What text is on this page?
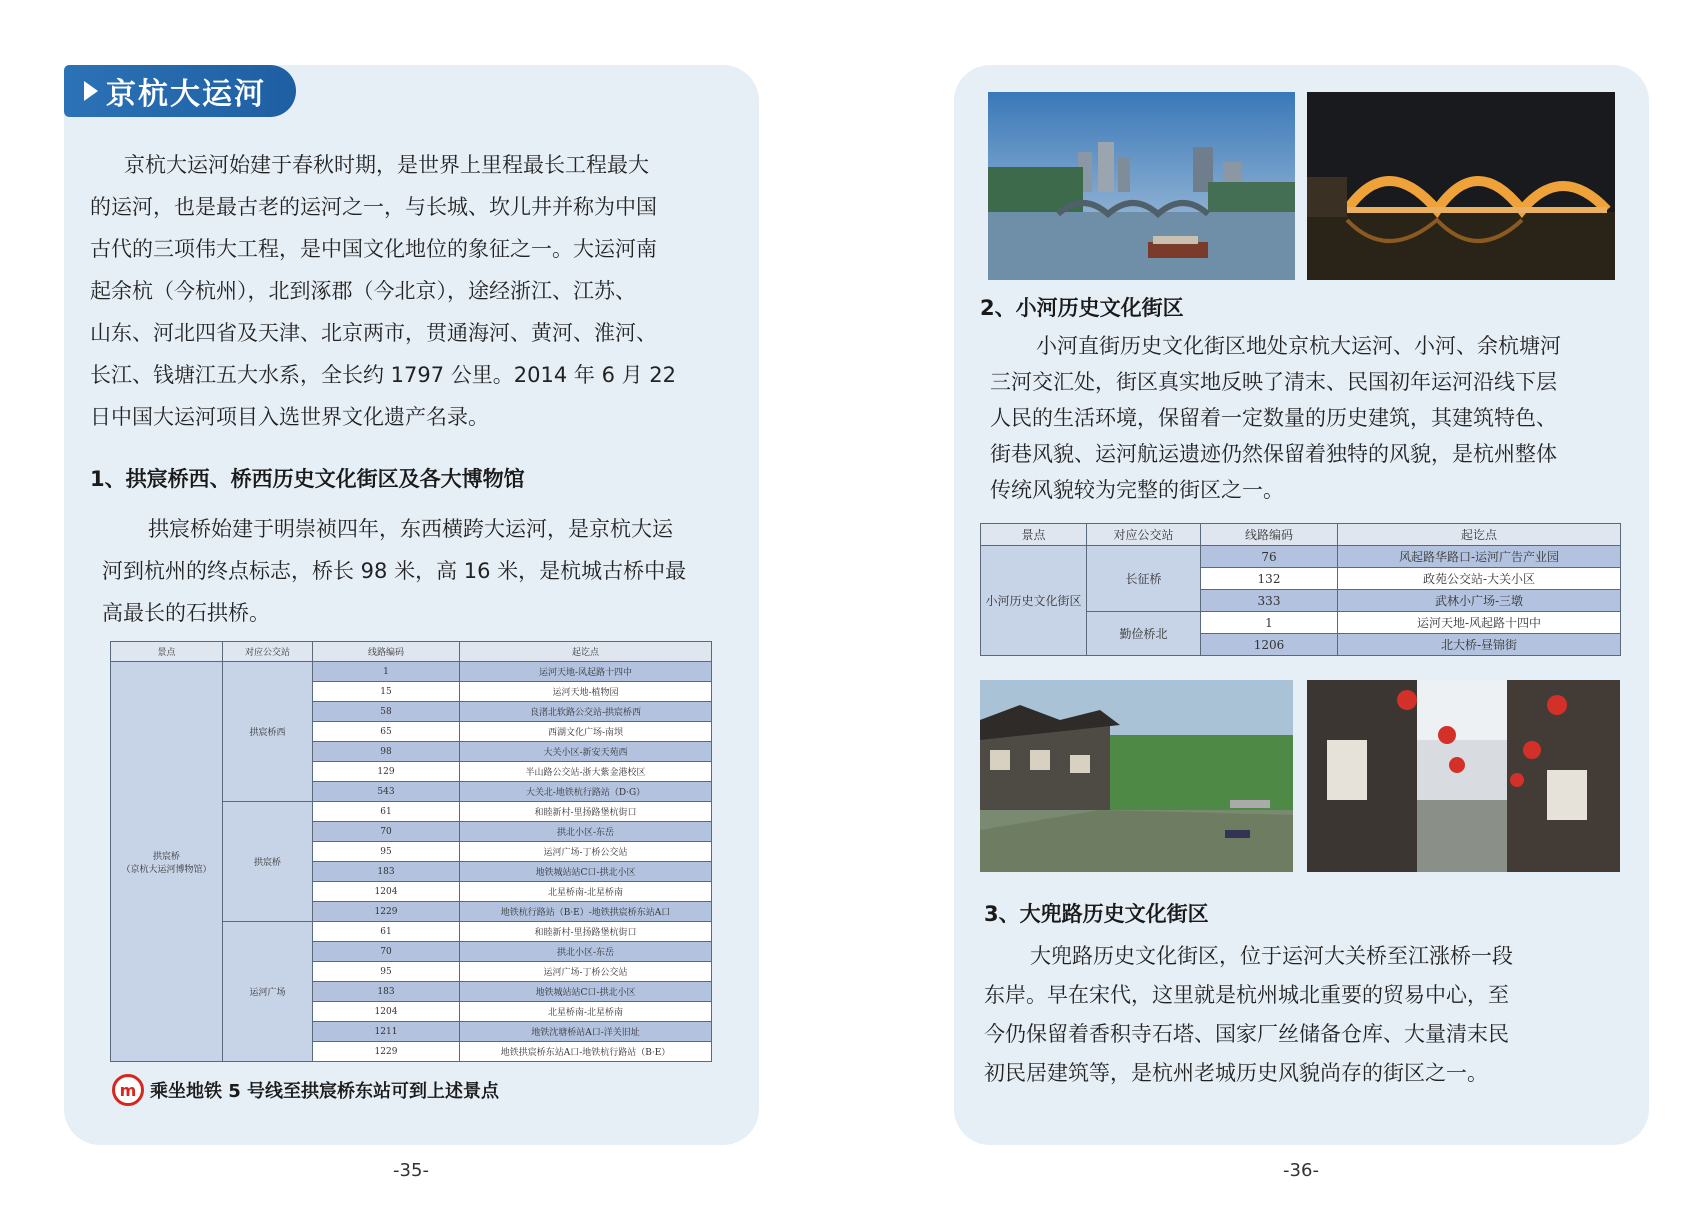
京杭大运河

京杭大运河始建于春秋时期，是世界上里程最长工程最大

的运河，也是最古老的运河之一，与长城、坎儿井并称为中国

古代的三项伟大工程，是中国文化地位的象征之一。大运河南

起余杭（今杭州），北到涿郡（今北京），途经浙江、江苏、

山东、河北四省及天津、北京两市，贯通海河、黄河、淮河、

长江、钱塘江五大水系，全长约 1797 公里。2014 年 6 月 22

日中国大运河项目入选世界文化遗产名录。

1、拱宸桥西、桥西历史文化街区及各大博物馆

拱宸桥始建于明崇祯四年，东西横跨大运河，是京杭大运

河到杭州的终点标志，桥长 98 米，高 16 米，是杭城古桥中最

高最长的石拱桥。

景点	对应公交站	线路编码	起讫点
拱宸桥
（京杭大运河博物馆）	拱宸桥西	1	运河天地-风起路十四中
		15	运河天地-植物园
		58	良渚北软路公交站-拱宸桥西
		65	西湖文化广场-南坝
		98	大关小区-新安天苑西
		129	半山路公交站-浙大紫金港校区
		543	大关北-地铁杭行路站（D·G）
	拱宸桥	61	和睦新村-里扬路堡杭街口
		70	拱北小区-东岳
		95	运河广场-丁桥公交站
		183	地铁城站站C口-拱北小区
		1204	北星桥南-北星桥南
		1229	地铁杭行路站（B·E）-地铁拱宸桥东站A口
	运河广场	61	和睦新村-里扬路堡杭街口
		70	拱北小区-东岳
		95	运河广场-丁桥公交站
		183	地铁城站站C口-拱北小区
		1204	北星桥南-北星桥南
		1211	地铁沈塘桥站A口-洋关旧址
		1229	地铁拱宸桥东站A口-地铁杭行路站（B·E）
m 乘坐地铁 5 号线至拱宸桥东站可到上述景点
-35-
2、小河历史文化街区

小河直街历史文化街区地处京杭大运河、小河、余杭塘河

三河交汇处，街区真实地反映了清末、民国初年运河沿线下层

人民的生活环境，保留着一定数量的历史建筑，其建筑特色、

街巷风貌、运河航运遗迹仍然保留着独特的风貌，是杭州整体

传统风貌较为完整的街区之一。

景点	对应公交站	线路编码	起讫点
小河历史文化街区	长征桥	76	风起路华路口-运河广告产业园
		132	政苑公交站-大关小区
		333	武林小广场-三墩
	勤俭桥北	1	运河天地-风起路十四中
		1206	北大桥-昼锦街
3、大兜路历史文化街区

大兜路历史文化街区，位于运河大关桥至江涨桥一段

东岸。早在宋代，这里就是杭州城北重要的贸易中心，至

今仍保留着香积寺石塔、国家厂丝储备仓库、大量清末民

初民居建筑等，是杭州老城历史风貌尚存的街区之一。

-36-
